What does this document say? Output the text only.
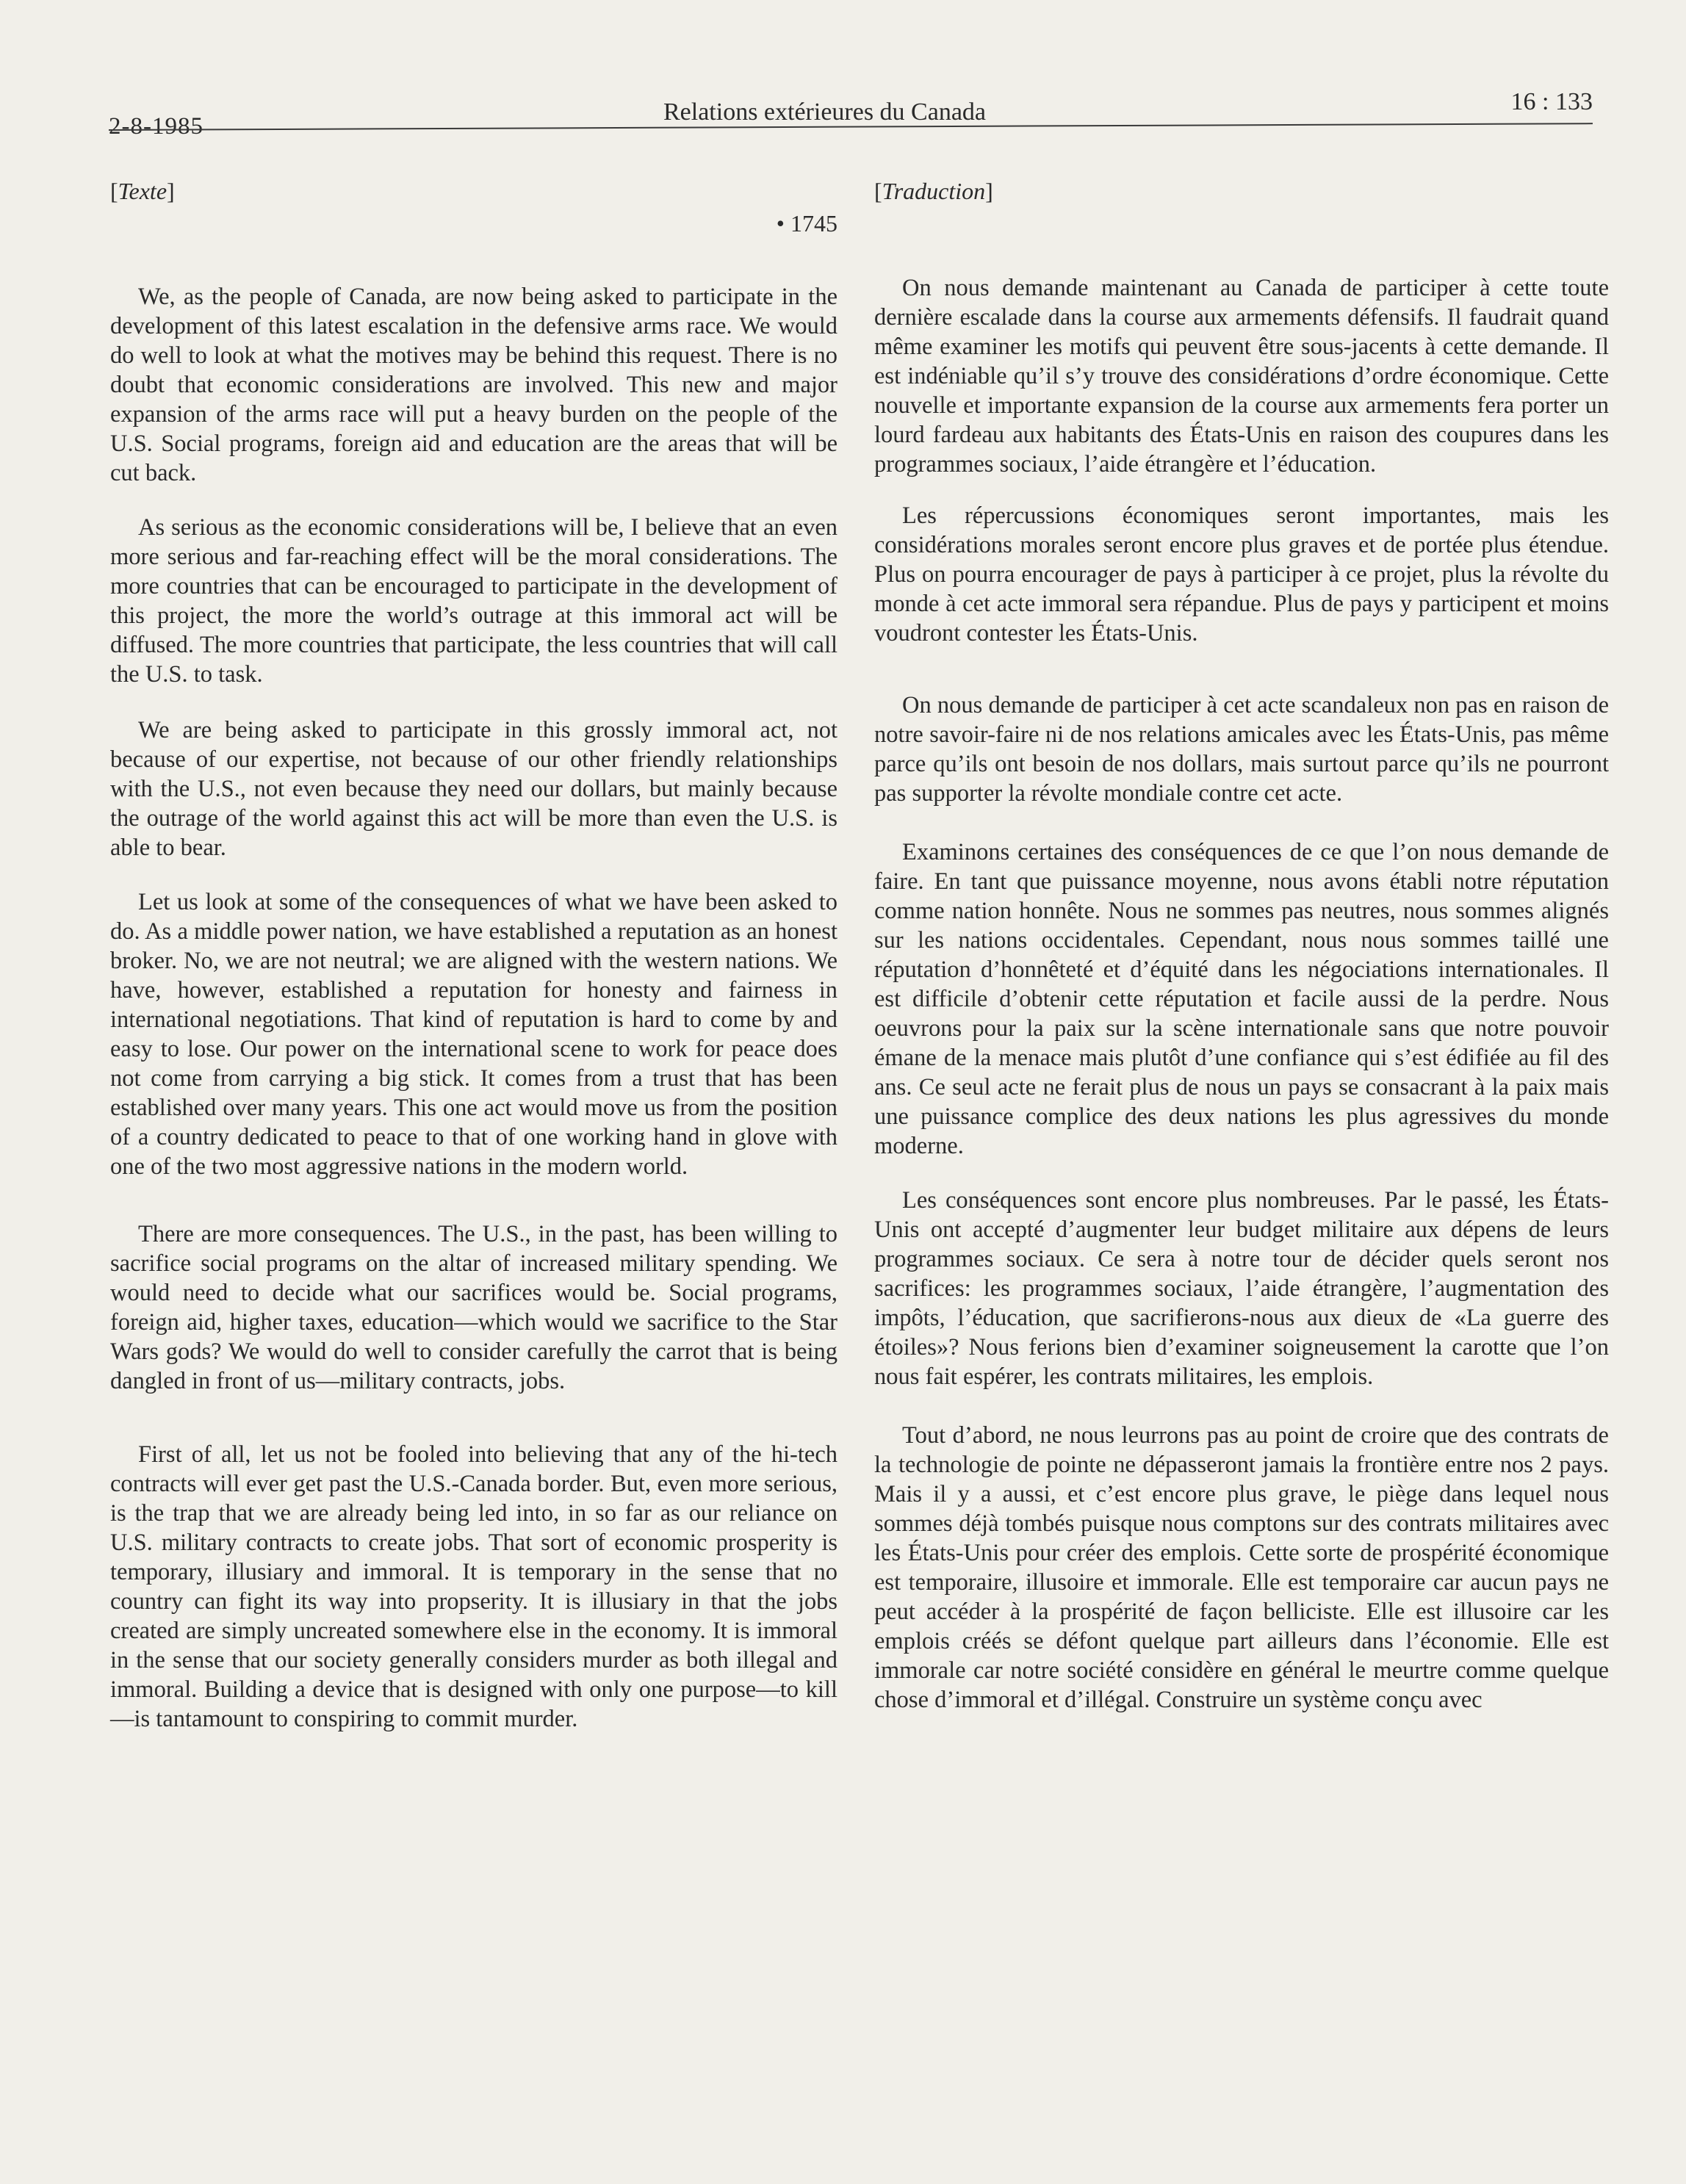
2-8-1985
Relations extérieures du Canada	16 : 133

[Texte]

• 1745

We, as the people of Canada, are now being asked to participate in the development of this latest escalation in the defensive arms race. We would do well to look at what the motives may be behind this request. There is no doubt that economic considerations are involved. This new and major expansion of the arms race will put a heavy burden on the people of the U.S. Social programs, foreign aid and education are the areas that will be cut back.

As serious as the economic considerations will be, I believe that an even more serious and far-reaching effect will be the moral considerations. The more countries that can be encouraged to participate in the development of this project, the more the world’s outrage at this immoral act will be diffused. The more countries that participate, the less countries that will call the U.S. to task.

We are being asked to participate in this grossly immoral act, not because of our expertise, not because of our other friendly relationships with the U.S., not even because they need our dollars, but mainly because the outrage of the world against this act will be more than even the U.S. is able to bear.

Let us look at some of the consequences of what we have been asked to do. As a middle power nation, we have established a reputation as an honest broker. No, we are not neutral; we are aligned with the western nations. We have, however, established a reputation for honesty and fairness in international negotiations. That kind of reputation is hard to come by and easy to lose. Our power on the international scene to work for peace does not come from carrying a big stick. It comes from a trust that has been established over many years. This one act would move us from the position of a country dedicated to peace to that of one working hand in glove with one of the two most aggressive nations in the modern world.

There are more consequences. The U.S., in the past, has been willing to sacrifice social programs on the altar of increased military spending. We would need to decide what our sacrifices would be. Social programs, foreign aid, higher taxes, education—which would we sacrifice to the Star Wars gods? We would do well to consider carefully the carrot that is being dangled in front of us—military contracts, jobs.

First of all, let us not be fooled into believing that any of the hi-tech contracts will ever get past the U.S.-Canada border. But, even more serious, is the trap that we are already being led into, in so far as our reliance on U.S. military contracts to create jobs. That sort of economic prosperity is temporary, illusiary and immoral. It is temporary in the sense that no country can fight its way into propserity. It is illusiary in that the jobs created are simply uncreated somewhere else in the economy. It is immoral in the sense that our society generally considers murder as both illegal and immoral. Building a device that is designed with only one purpose—to kill—is tantamount to conspiring to commit murder.

[Traduction]

On nous demande maintenant au Canada de participer à cette toute dernière escalade dans la course aux armements défensifs. Il faudrait quand même examiner les motifs qui peuvent être sous-jacents à cette demande. Il est indéniable qu’il s’y trouve des considérations d’ordre économique. Cette nouvelle et importante expansion de la course aux armements fera porter un lourd fardeau aux habitants des États-Unis en raison des coupures dans les programmes sociaux, l’aide étrangère et l’éducation.

Les répercussions économiques seront importantes, mais les considérations morales seront encore plus graves et de portée plus étendue. Plus on pourra encourager de pays à participer à ce projet, plus la révolte du monde à cet acte immoral sera répandue. Plus de pays y participent et moins voudront contester les États-Unis.

On nous demande de participer à cet acte scandaleux non pas en raison de notre savoir-faire ni de nos relations amicales avec les États-Unis, pas même parce qu’ils ont besoin de nos dollars, mais surtout parce qu’ils ne pourront pas supporter la révolte mondiale contre cet acte.

Examinons certaines des conséquences de ce que l’on nous demande de faire. En tant que puissance moyenne, nous avons établi notre réputation comme nation honnête. Nous ne sommes pas neutres, nous sommes alignés sur les nations occidentales. Cependant, nous nous sommes taillé une réputation d’honnêteté et d’équité dans les négociations internationales. Il est difficile d’obtenir cette réputation et facile aussi de la perdre. Nous oeuvrons pour la paix sur la scène internationale sans que notre pouvoir émane de la menace mais plutôt d’une confiance qui s’est édifiée au fil des ans. Ce seul acte ne ferait plus de nous un pays se consacrant à la paix mais une puissance complice des deux nations les plus agressives du monde moderne.

Les conséquences sont encore plus nombreuses. Par le passé, les États-Unis ont accepté d’augmenter leur budget militaire aux dépens de leurs programmes sociaux. Ce sera à notre tour de décider quels seront nos sacrifices: les programmes sociaux, l’aide étrangère, l’augmentation des impôts, l’éducation, que sacrifierons-nous aux dieux de «La guerre des étoiles»? Nous ferions bien d’examiner soigneusement la carotte que l’on nous fait espérer, les contrats militaires, les emplois.

Tout d’abord, ne nous leurrons pas au point de croire que des contrats de la technologie de pointe ne dépasseront jamais la frontière entre nos 2 pays. Mais il y a aussi, et c’est encore plus grave, le piège dans lequel nous sommes déjà tombés puisque nous comptons sur des contrats militaires avec les États-Unis pour créer des emplois. Cette sorte de prospérité économique est temporaire, illusoire et immorale. Elle est temporaire car aucun pays ne peut accéder à la prospérité de façon belliciste. Elle est illusoire car les emplois créés se défont quelque part ailleurs dans l’économie. Elle est immorale car notre société considère en général le meurtre comme quelque chose d’immoral et d’illégal. Construire un système conçu avec
